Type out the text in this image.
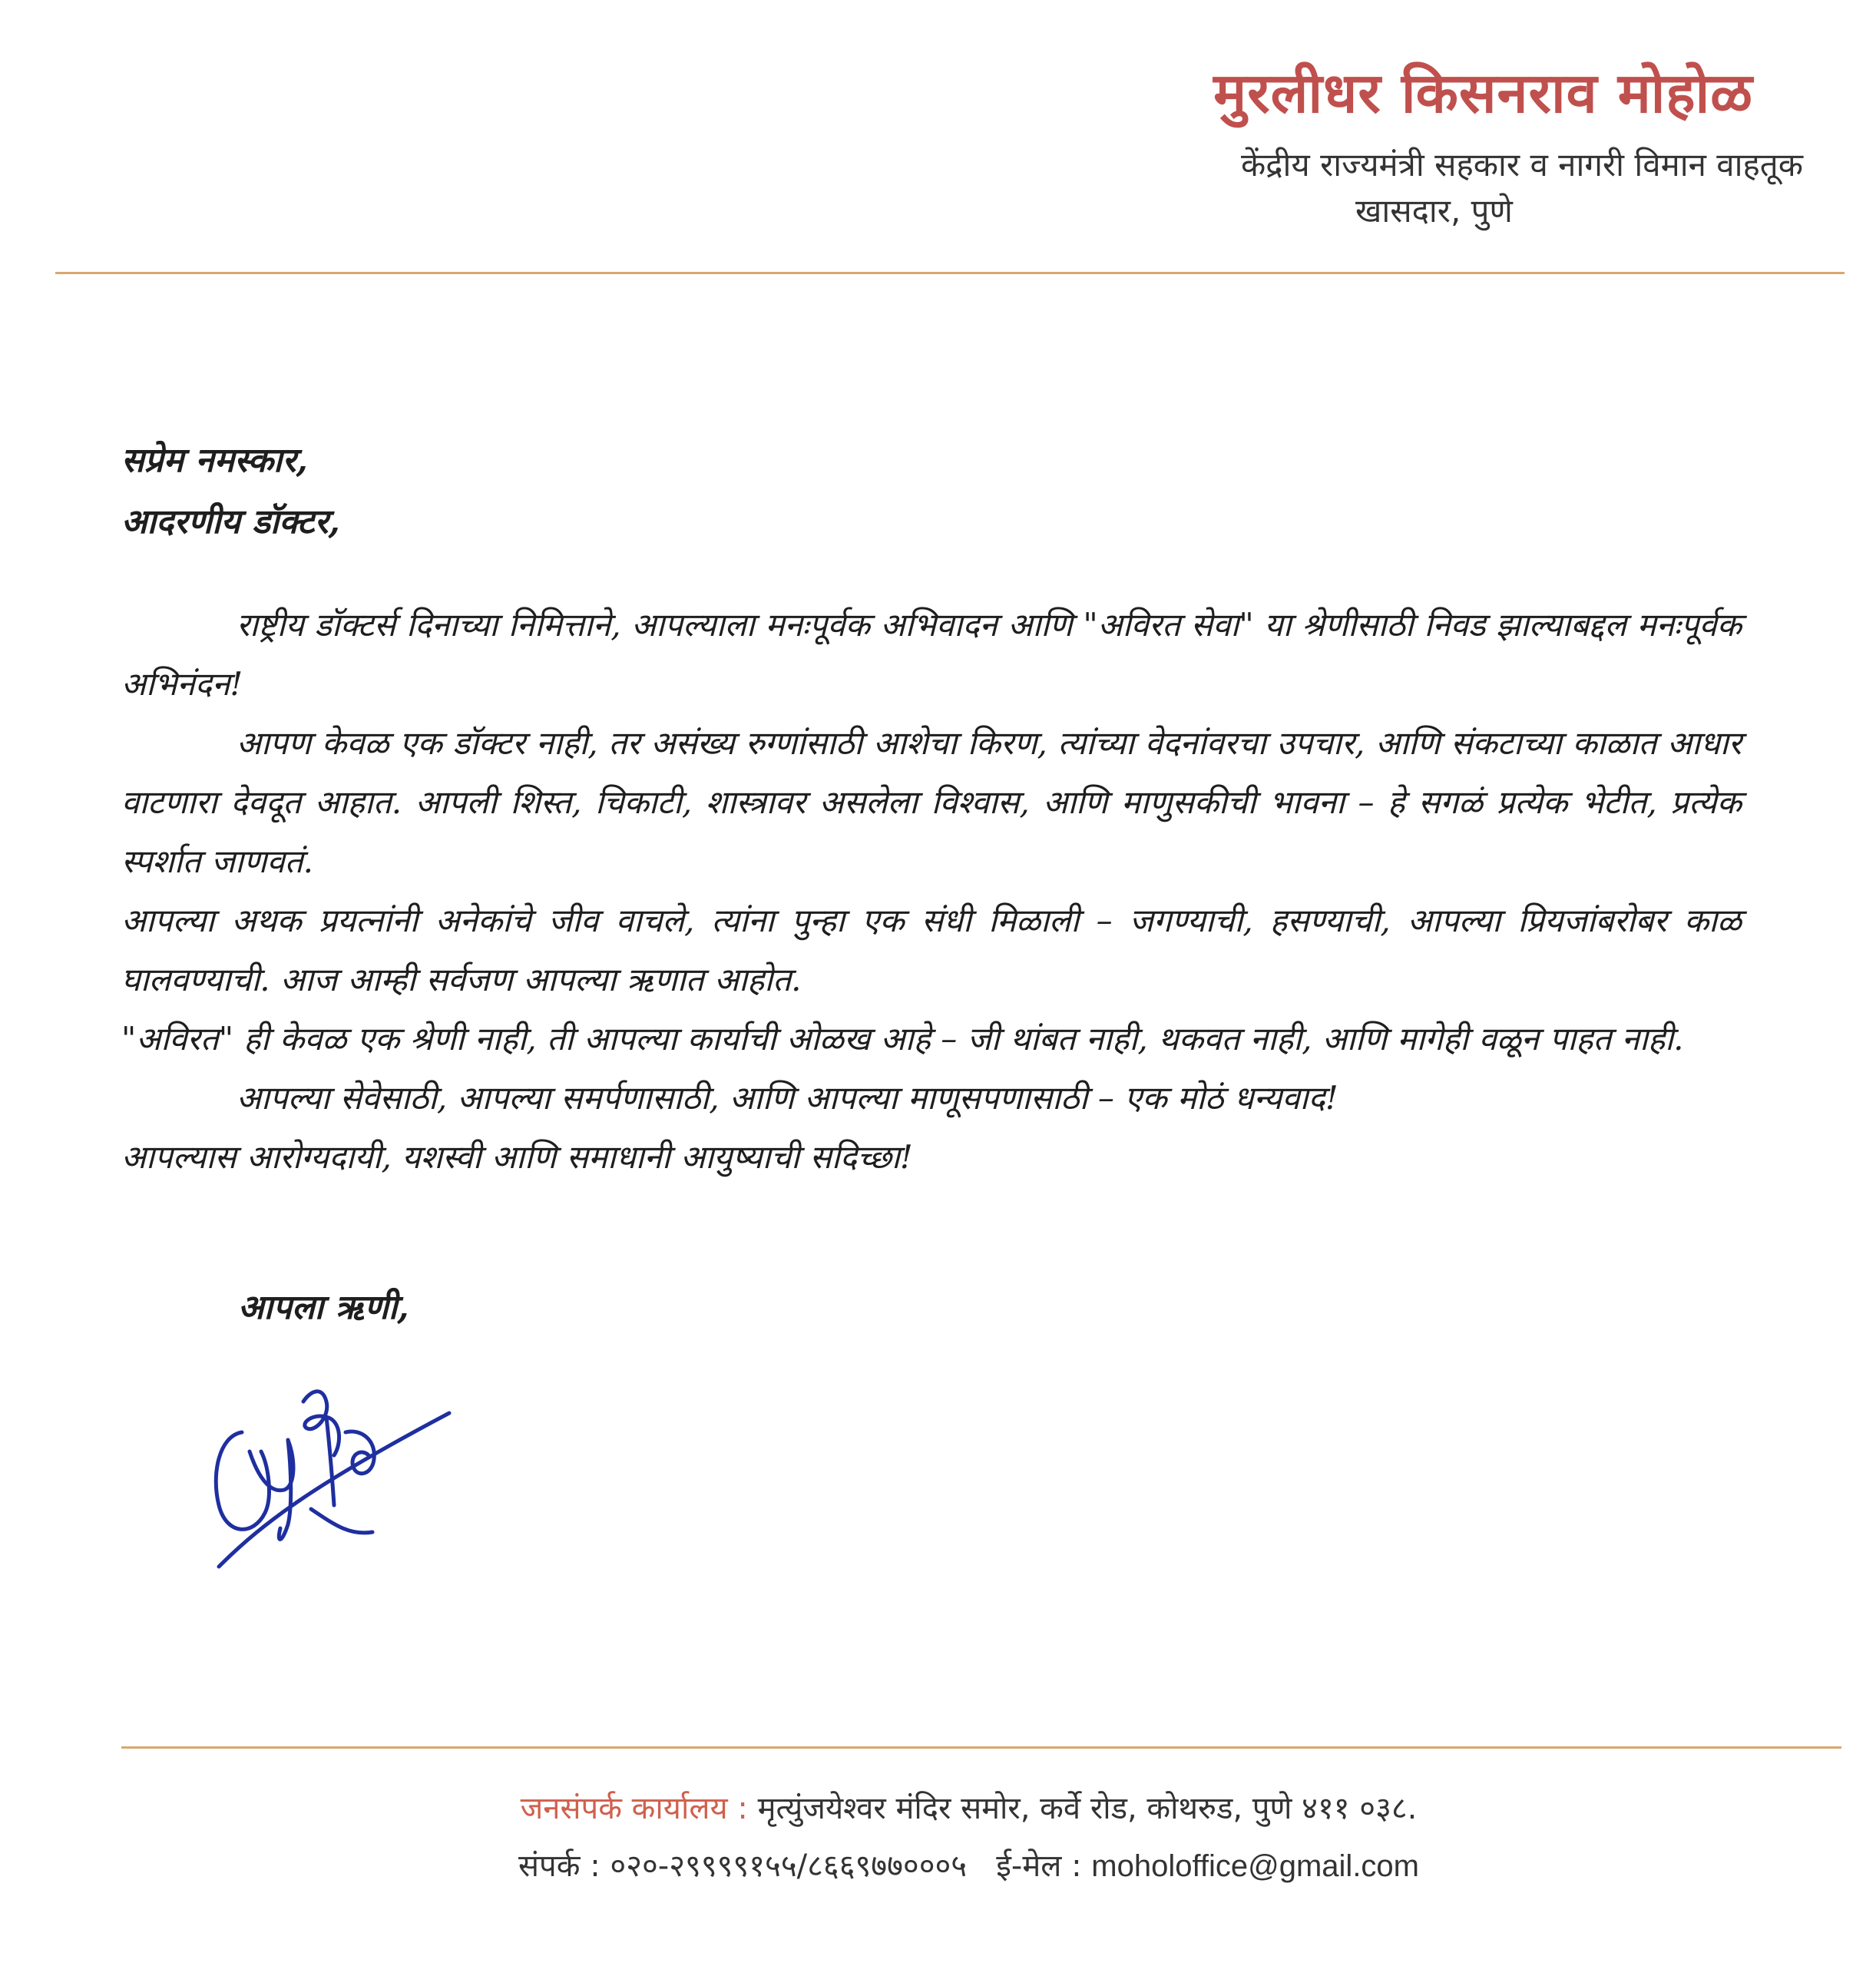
मुरलीधर किसनराव मोहोळ
केंद्रीय राज्यमंत्री सहकार व नागरी विमान वाहतूक
खासदार, पुणे
सप्रेम नमस्कार,
आदरणीय डॉक्टर,

राष्ट्रीय डॉक्टर्स दिनाच्या निमित्ताने, आपल्याला मनःपूर्वक अभिवादन आणि "अविरत सेवा" या श्रेणीसाठी निवड झाल्याबद्दल मनःपूर्वक अभिनंदन!

आपण केवळ एक डॉक्टर नाही, तर असंख्य रुग्णांसाठी आशेचा किरण, त्यांच्या वेदनांवरचा उपचार, आणि संकटाच्या काळात आधार वाटणारा देवदूत आहात. आपली शिस्त, चिकाटी, शास्त्रावर असलेला विश्वास, आणि माणुसकीची भावना – हे सगळं प्रत्येक भेटीत, प्रत्येक स्पर्शात जाणवतं.

आपल्या अथक प्रयत्नांनी अनेकांचे जीव वाचले, त्यांना पुन्हा एक संधी मिळाली – जगण्याची, हसण्याची, आपल्या प्रियजांबरोबर काळ घालवण्याची. आज आम्ही सर्वजण आपल्या ऋणात आहोत.

"अविरत" ही केवळ एक श्रेणी नाही, ती आपल्या कार्याची ओळख आहे – जी थांबत नाही, थकवत नाही, आणि मागेही वळून पाहत नाही.

आपल्या सेवेसाठी, आपल्या समर्पणासाठी, आणि आपल्या माणूसपणासाठी – एक मोठं धन्यवाद!

आपल्यास आरोग्यदायी, यशस्वी आणि समाधानी आयुष्याची सदिच्छा!

आपला ऋणी,
जनसंपर्क कार्यालय : मृत्युंजयेश्वर मंदिर समोर, कर्वे रोड, कोथरुड, पुणे ४११ ०३८.
संपर्क : ०२०-२९९९९१५५/८६६९७७०००५ ई-मेल : moholoffice@gmail.com
